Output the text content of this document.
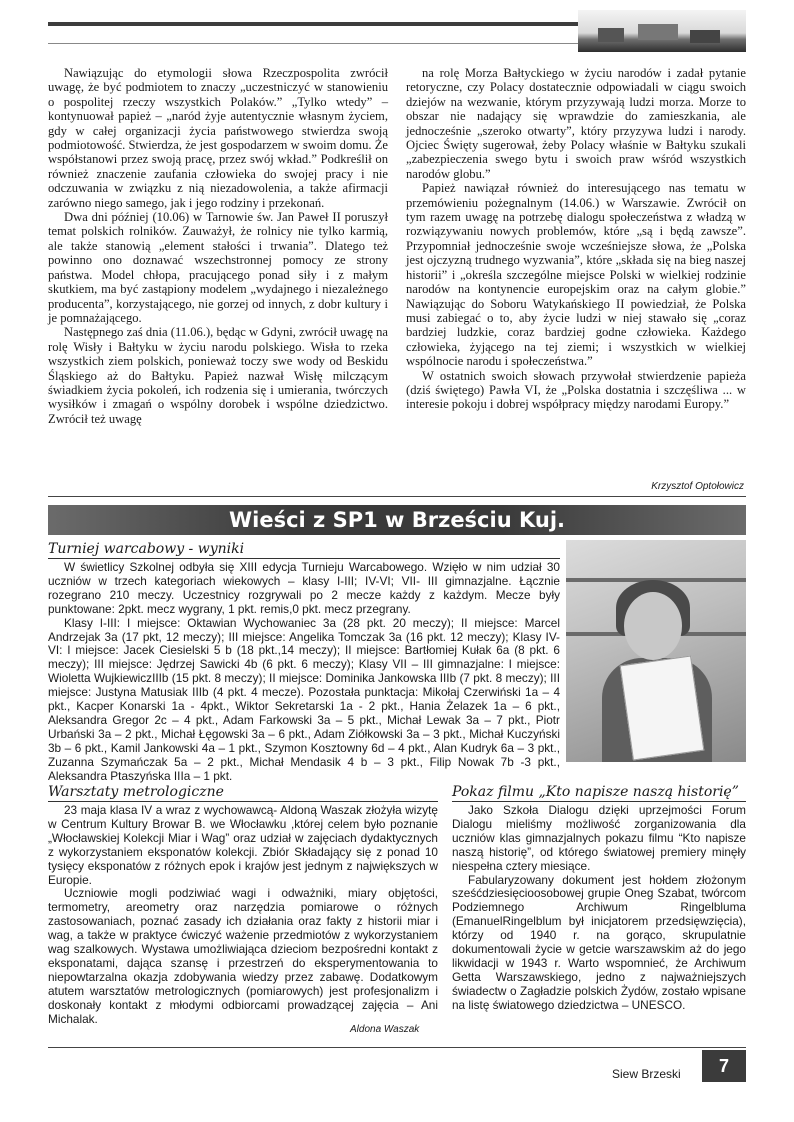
Nawiązując do etymologii słowa Rzeczpospolita zwrócił uwagę, że być podmiotem to znaczy „uczestniczyć w stanowieniu o pospolitej rzeczy wszystkich Polaków.” „Tylko wtedy” – kontynuował papież – „naród żyje autentycznie własnym życiem, gdy w całej organizacji życia państwowego stwierdza swoją podmiotowość. Stwierdza, że jest gospodarzem w swoim domu. Że współstanowi przez swoją pracę, przez swój wkład.” Podkreślił on również znaczenie zaufania człowieka do swojej pracy i nie odczuwania w związku z nią niezadowolenia, a także afirmacji zarówno niego samego, jak i jego rodziny i przekonań.

Dwa dni później (10.06) w Tarnowie św. Jan Paweł II poruszył temat polskich rolników. Zauważył, że rolnicy nie tylko karmią, ale także stanowią „element stałości i trwania”. Dlatego też powinno ono doznawać wszechstronnej pomocy ze strony państwa. Model chłopa, pracującego ponad siły i z małym skutkiem, ma być zastąpiony modelem „wydajnego i niezależnego producenta”, korzystającego, nie gorzej od innych, z dobr kultury i je pomnażającego.

Następnego zaś dnia (11.06.), będąc w Gdyni, zwrócił uwagę na rolę Wisły i Bałtyku w życiu narodu polskiego. Wisła to rzeka wszystkich ziem polskich, ponieważ toczy swe wody od Beskidu Śląskiego aż do Bałtyku. Papież nazwał Wisłę milczącym świadkiem życia pokoleń, ich rodzenia się i umierania, twórczych wysiłków i zmagań o wspólny dorobek i wspólne dziedzictwo. Zwrócił też uwagę

na rolę Morza Bałtyckiego w życiu narodów i zadał pytanie retoryczne, czy Polacy dostatecznie odpowiadali w ciągu swoich dziejów na wezwanie, którym przyzywają ludzi morza. Morze to obszar nie nadający się wprawdzie do zamieszkania, ale jednocześnie „szeroko otwarty”, który przyzywa ludzi i narody. Ojciec Święty sugerował, żeby Polacy właśnie w Bałtyku szukali „zabezpieczenia swego bytu i swoich praw wśród wszystkich narodów globu.”

Papież nawiązał również do interesującego nas tematu w przemówieniu pożegnalnym (14.06.) w Warszawie. Zwrócił on tym razem uwagę na potrzebę dialogu społeczeństwa z władzą w rozwiązywaniu nowych problemów, które „są i będą zawsze”. Przypomniał jednocześnie swoje wcześniejsze słowa, że „Polska jest ojczyzną trudnego wyzwania”, które „składa się na bieg naszej historii” i „określa szczególne miejsce Polski w wielkiej rodzinie narodów na kontynencie europejskim oraz na całym globie.” Nawiązując do Soboru Watykańskiego II powiedział, że Polska musi zabiegać o to, aby życie ludzi w niej stawało się „coraz bardziej ludzkie, coraz bardziej godne człowieka. Każdego człowieka, żyjącego na tej ziemi; i wszystkich w wielkiej wspólnocie narodu i społeczeństwa.”

W ostatnich swoich słowach przywołał stwierdzenie papieża (dziś świętego) Pawła VI, że „Polska dostatnia i szczęśliwa ... w interesie pokoju i dobrej współpracy między narodami Europy.”

Krzysztof Optołowicz
Wieści z SP1 w Brześciu Kuj.
Turniej warcabowy - wyniki

W świetlicy Szkolnej odbyła się XIII edycja Turnieju Warcabowego. Wzięło w nim udział 30 uczniów w trzech kategoriach wiekowych – klasy I-III; IV-VI; VII- III gimnazjalne. Łącznie rozegrano 210 meczy. Uczestnicy rozgrywali po 2 mecze każdy z każdym. Mecze były punktowane: 2pkt. mecz wygrany, 1 pkt. remis,0 pkt. mecz przegrany.

Klasy I-III: I miejsce: Oktawian Wychowaniec 3a (28 pkt. 20 meczy); II miejsce: Marcel Andrzejak 3a (17 pkt, 12 meczy); III miejsce: Angelika Tomczak 3a (16 pkt. 12 meczy); Klasy IV-VI: I miejsce: Jacek Ciesielski 5 b (18 pkt.,14 meczy); II miejsce: Bartłomiej Kułak 6a (8 pkt. 6 meczy); III miejsce: Jędrzej Sawicki 4b (6 pkt. 6 meczy); Klasy VII – III gimnazjalne: I miejsce: Wioletta WujkiewiczIIIb (15 pkt. 8 meczy); II miejsce: Dominika Jankowska IIIb (7 pkt. 8 meczy); III miejsce: Justyna Matusiak IIIb (4 pkt. 4 mecze). Pozostała punktacja: Mikołaj Czerwiński 1a – 4 pkt., Kacper Konarski 1a - 4pkt., Wiktor Sekretarski 1a - 2 pkt., Hania Żelazek 1a – 6 pkt., Aleksandra Gregor 2c – 4 pkt., Adam Farkowski 3a – 5 pkt., Michał Lewak 3a – 7 pkt., Piotr Urbański 3a – 2 pkt., Michał Łęgowski 3a – 6 pkt., Adam Ziółkowski 3a – 3 pkt., Michał Kuczyński 3b – 6 pkt., Kamil Jankowski 4a – 1 pkt., Szymon Kosztowny 6d – 4 pkt., Alan Kudryk 6a – 3 pkt., Zuzanna Szymańczak 5a – 2 pkt., Michał Mendasik 4 b – 3 pkt., Filip Nowak 7b -3 pkt., Aleksandra Ptaszyńska IIIa – 1 pkt.

Warsztaty metrologiczne

23 maja klasa IV a wraz z wychowawcą- Aldoną Waszak złożyła wizytę w Centrum Kultury Browar B. we Włocławku ,której celem było poznanie „Włocławskiej Kolekcji Miar i Wag” oraz udział w zajęciach dydaktycznych z wykorzystaniem eksponatów kolekcji. Zbiór Składający się z ponad 10 tysięcy eksponatów z różnych epok i krajów jest jednym z największych w Europie.

Uczniowie mogli podziwiać wagi i odważniki, miary objętości, termometry, areometry oraz narzędzia pomiarowe o różnych zastosowaniach, poznać zasady ich działania oraz fakty z historii miar i wag, a także w praktyce ćwiczyć ważenie przedmiotów z wykorzystaniem wag szalkowych. Wystawa umożliwiająca dzieciom bezpośredni kontakt z eksponatami, dająca szansę i przestrzeń do eksperymentowania to niepowtarzalna okazja zdobywania wiedzy przez zabawę. Dodatkowym atutem warsztatów metrologicznych (pomiarowych) jest profesjonalizm i doskonały kontakt z młodymi odbiorcami prowadzącej zajęcia – Ani Michalak.

Aldona Waszak
Pokaz filmu „Kto napisze naszą historię”

Jako Szkoła Dialogu dzięki uprzejmości Forum Dialogu mieliśmy możliwość zorganizowania dla uczniów klas gimnazjalnych pokazu filmu “Kto napisze naszą historię”, od którego światowej premiery minęły niespełna cztery miesiące.

Fabularyzowany dokument jest hołdem złożonym sześćdziesięcioosobowej grupie Oneg Szabat, twórcom Podziemnego Archiwum Ringelbluma (EmanuelRingelblum był inicjatorem przedsięwzięcia), którzy od 1940 r. na gorąco, skrupulatnie dokumentowali życie w getcie warszawskim aż do jego likwidacji w 1943 r. Warto wspomnieć, że Archiwum Getta Warszawskiego, jedno z najważniejszych świadectw o Zagładzie polskich Żydów, zostało wpisane na listę światowego dziedzictwa – UNESCO.

Siew Brzeski	7
